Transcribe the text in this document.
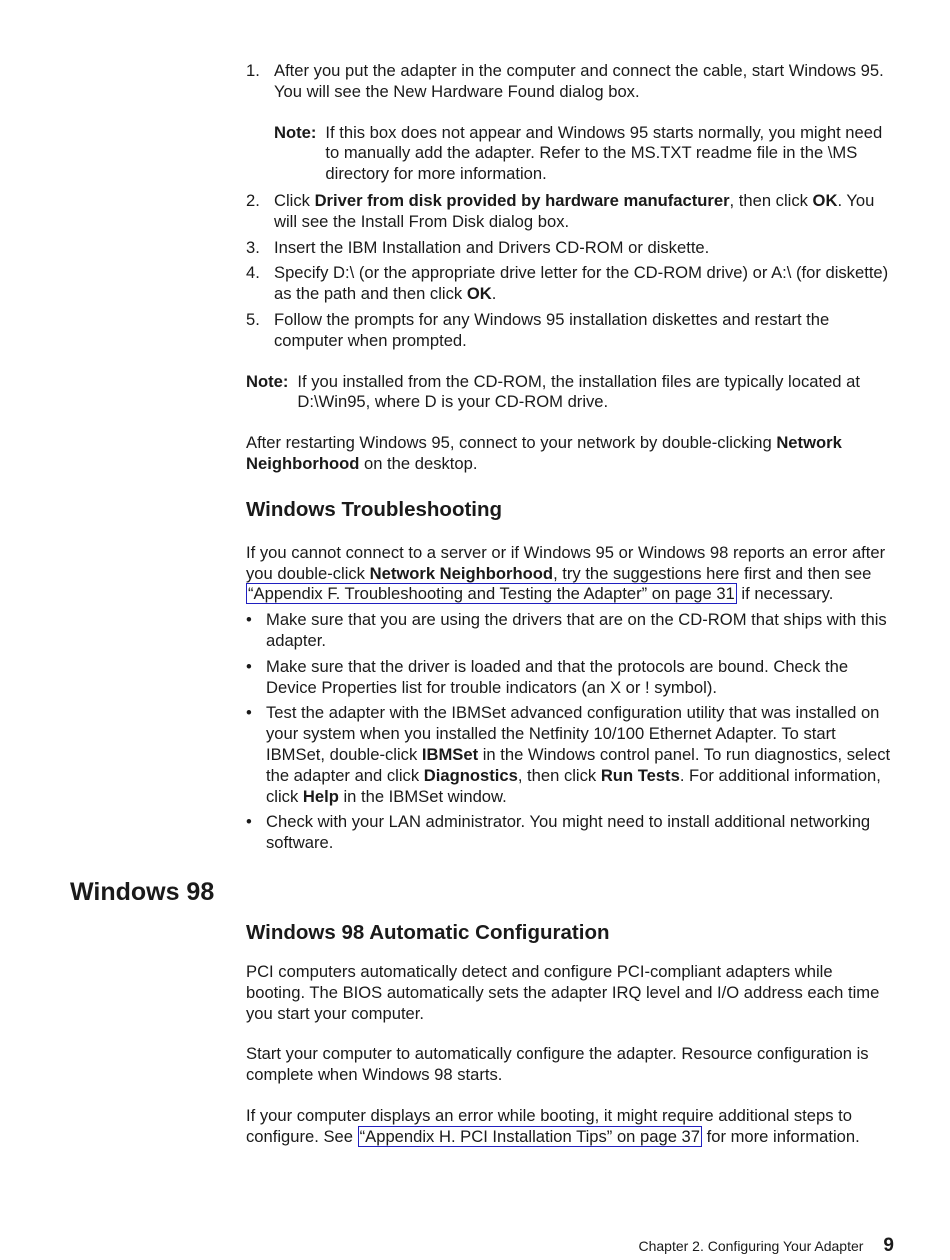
1. After you put the adapter in the computer and connect the cable, start Windows 95. You will see the New Hardware Found dialog box.
Note: If this box does not appear and Windows 95 starts normally, you might need to manually add the adapter. Refer to the MS.TXT readme file in the \MS directory for more information.
2. Click Driver from disk provided by hardware manufacturer, then click OK. You will see the Install From Disk dialog box.
3. Insert the IBM Installation and Drivers CD-ROM or diskette.
4. Specify D:\ (or the appropriate drive letter for the CD-ROM drive) or A:\ (for diskette) as the path and then click OK.
5. Follow the prompts for any Windows 95 installation diskettes and restart the computer when prompted.
Note: If you installed from the CD-ROM, the installation files are typically located at D:\Win95, where D is your CD-ROM drive.

After restarting Windows 95, connect to your network by double-clicking Network Neighborhood on the desktop.

Windows Troubleshooting

If you cannot connect to a server or if Windows 95 or Windows 98 reports an error after you double-click Network Neighborhood, try the suggestions here first and then see “Appendix F. Troubleshooting and Testing the Adapter” on page 31 if necessary.

• Make sure that you are using the drivers that are on the CD-ROM that ships with this adapter.
• Make sure that the driver is loaded and that the protocols are bound. Check the Device Properties list for trouble indicators (an X or ! symbol).
• Test the adapter with the IBMSet advanced configuration utility that was installed on your system when you installed the Netfinity 10/100 Ethernet Adapter. To start IBMSet, double-click IBMSet in the Windows control panel. To run diagnostics, select the adapter and click Diagnostics, then click Run Tests. For additional information, click Help in the IBMSet window.
• Check with your LAN administrator. You might need to install additional networking software.
Windows 98
Windows 98 Automatic Configuration

PCI computers automatically detect and configure PCI-compliant adapters while booting. The BIOS automatically sets the adapter IRQ level and I/O address each time you start your computer.

Start your computer to automatically configure the adapter. Resource configuration is complete when Windows 98 starts.

If your computer displays an error while booting, it might require additional steps to configure. See “Appendix H. PCI Installation Tips” on page 37 for more information.

Chapter 2. Configuring Your Adapter 9
